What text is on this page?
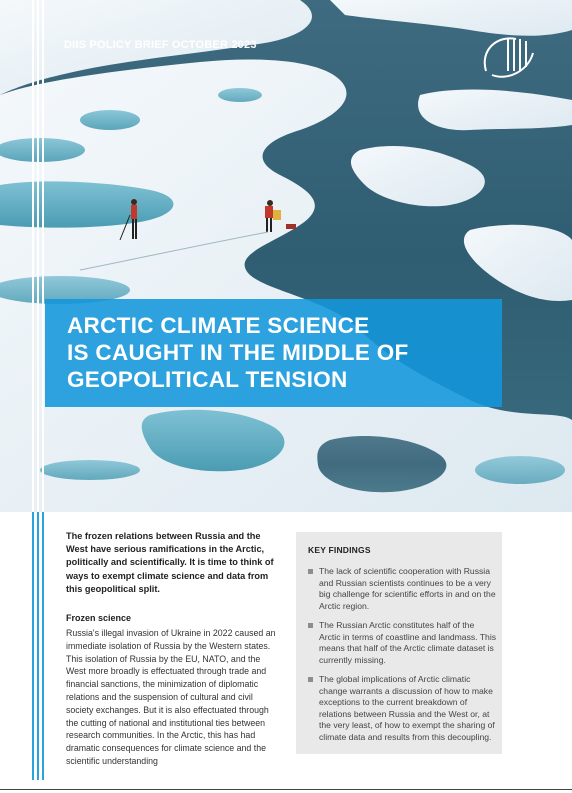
DIIS POLICY BRIEF OCTOBER 2023
ARCTIC CLIMATE SCIENCE
IS CAUGHT IN THE MIDDLE OF
GEOPOLITICAL TENSION

The frozen relations between Russia and the West have serious ramifications in the Arctic, politically and scientifically. It is time to think of ways to exempt climate science and data from this geopolitical split.

Frozen science

Russia's illegal invasion of Ukraine in 2022 caused an immediate isolation of Russia by the Western states. This isolation of Russia by the EU, NATO, and the West more broadly is effectuated through trade and financial sanctions, the minimization of diplomatic relations and the suspension of cultural and civil society exchanges. But it is also effectuated through the cutting of national and institutional ties between research communities. In the Arctic, this has had dramatic consequences for climate science and the scientific understanding

KEY FINDINGS
The lack of scientific cooperation with Russia and Russian scientists continues to be a very big challenge for scientific efforts in and on the Arctic region.
The Russian Arctic constitutes half of the Arctic in terms of coastline and landmass. This means that half of the Arctic climate dataset is currently missing.
The global implications of Arctic climatic change warrants a discussion of how to make exceptions to the current breakdown of relations between Russia and the West or, at the very least, of how to exempt the sharing of climate data and results from this decoupling.
